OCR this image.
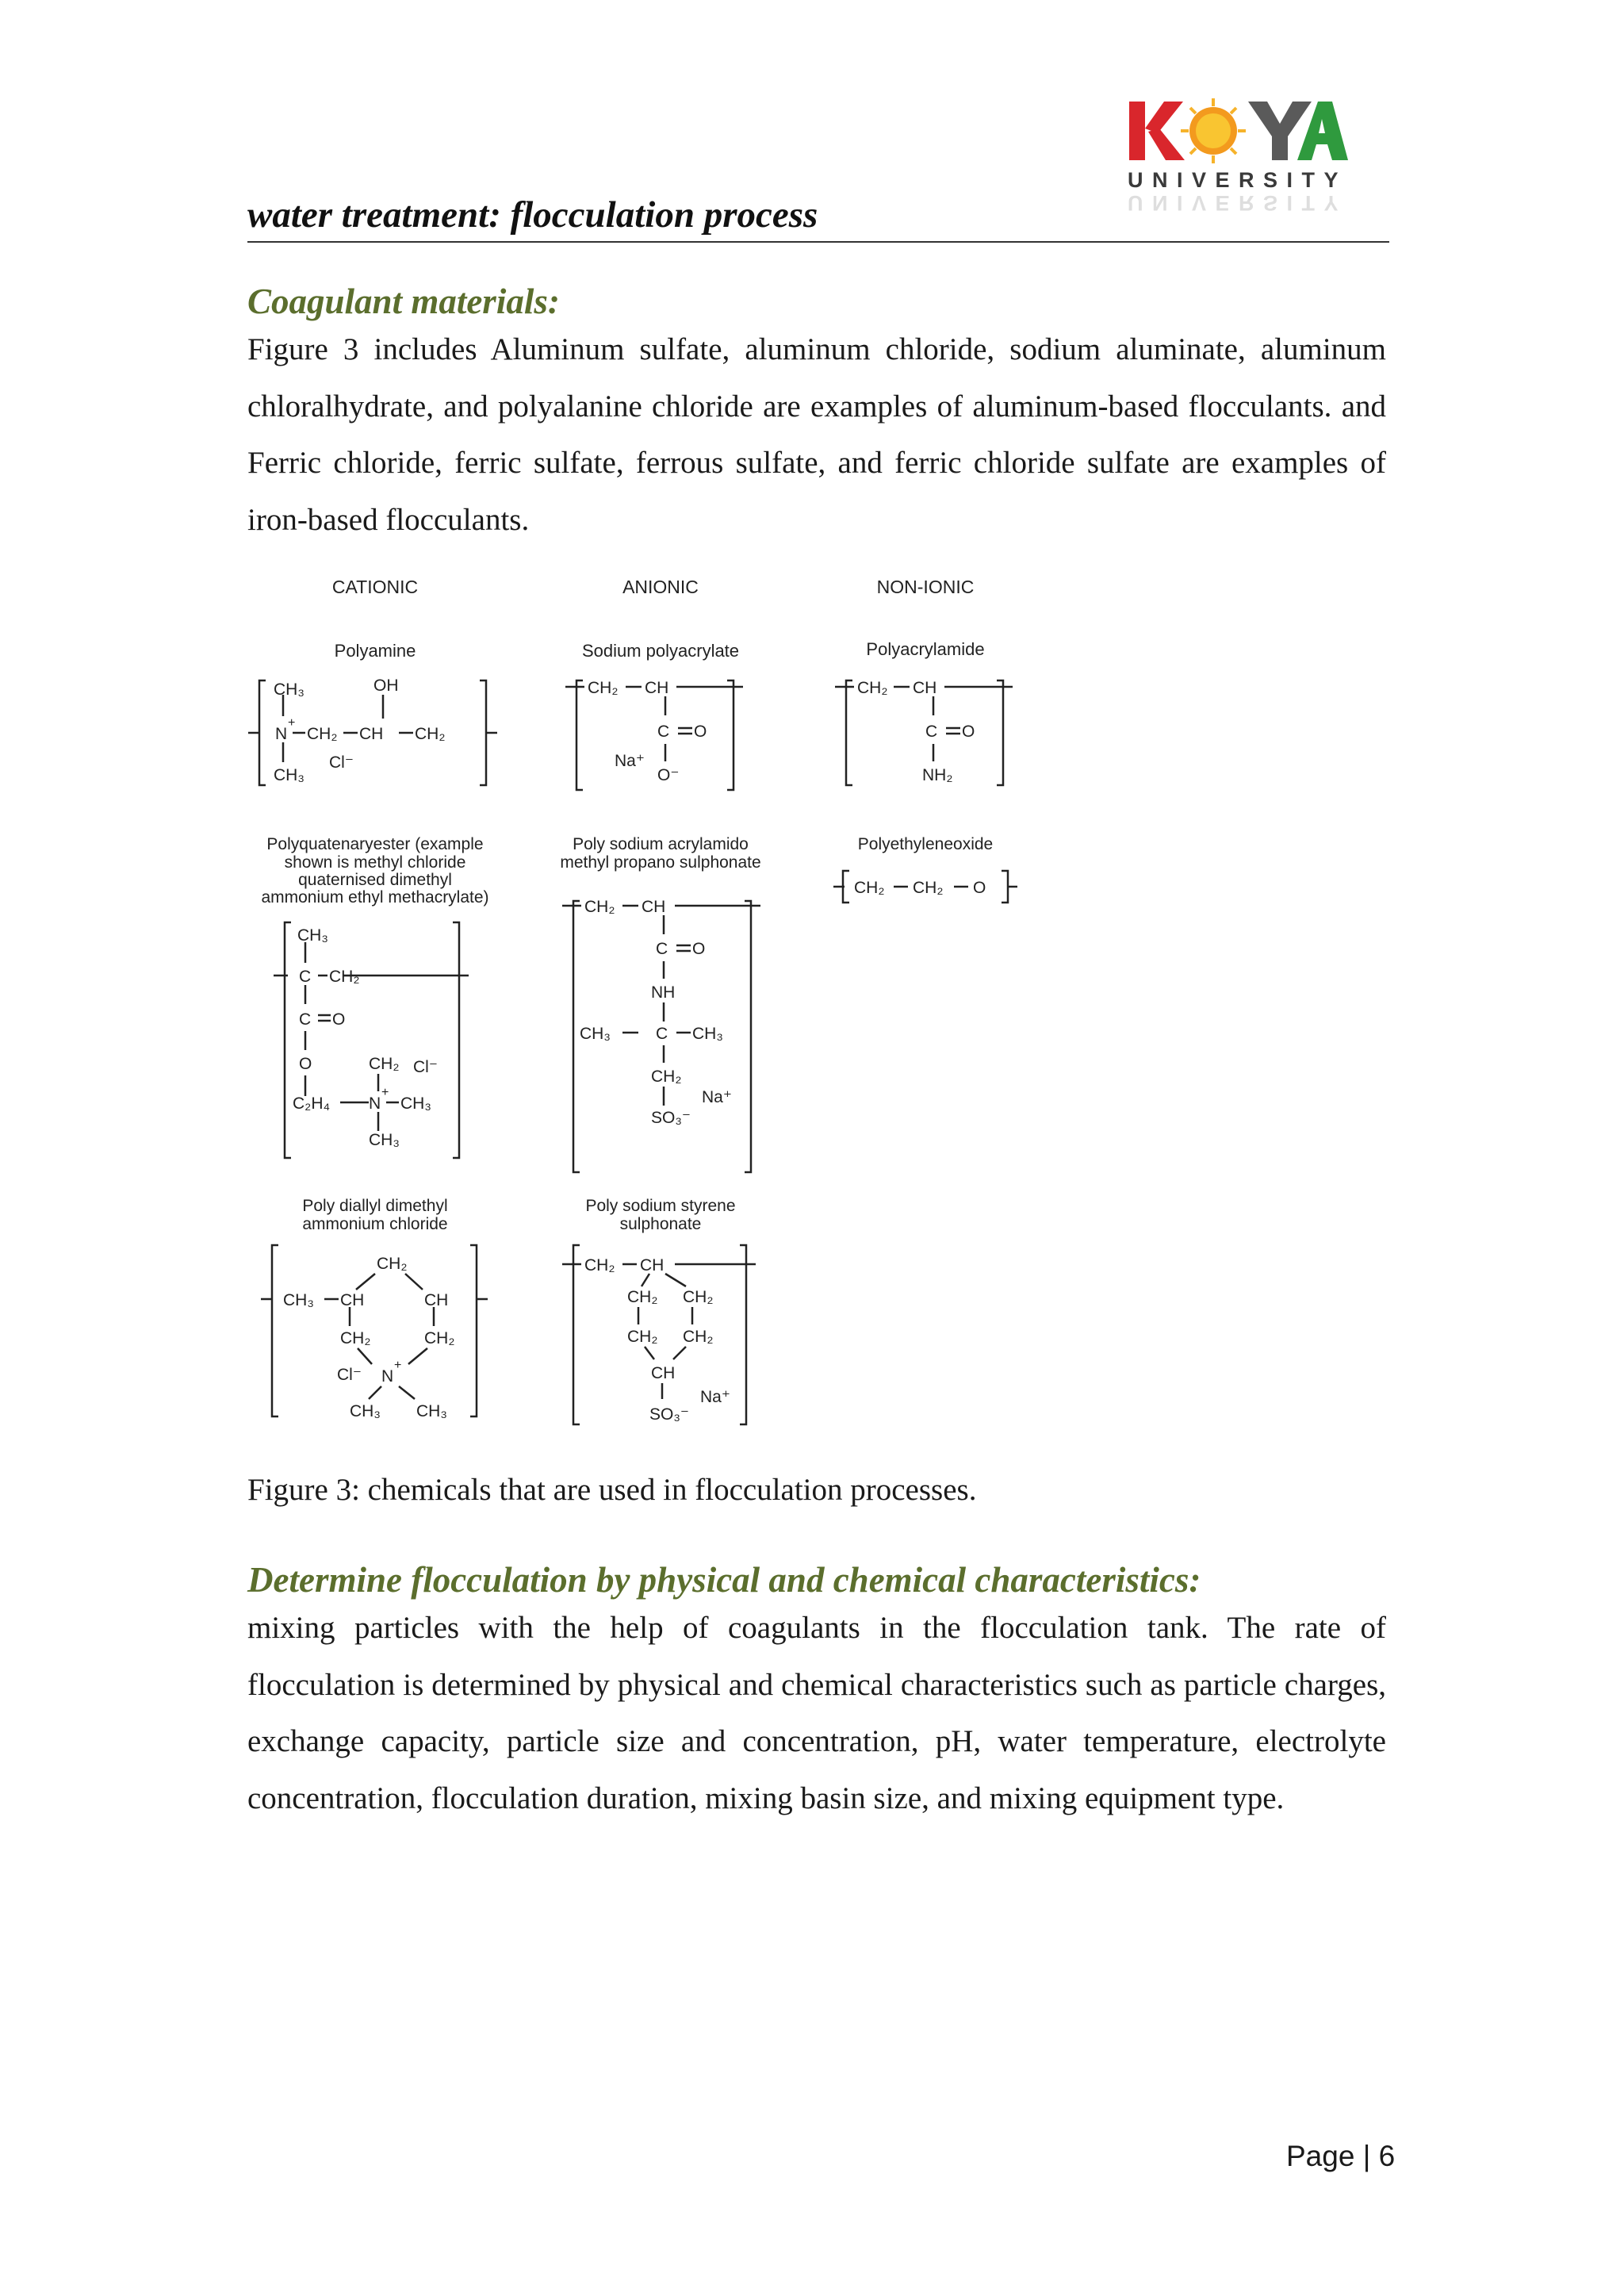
KOYA
UNIVERSITY
UNIVERSITY
water treatment: flocculation process
Coagulant materials:

Figure 3 includes Aluminum sulfate, aluminum chloride, sodium aluminate, aluminum chloralhydrate, and polyalanine chloride are examples of aluminum-based flocculants. and Ferric chloride, ferric sulfate, ferrous sulfate, and ferric chloride sulfate are examples of iron-based flocculants.

CATIONIC	ANIONIC	NON-IONIC
Polyamine	Sodium polyacrylate	Polyacrylamide
CH₃
N
+
CH₃
CH₂ CH CH₂
OH
Cl⁻
CH₂ CH
C O
Na⁺
O⁻
CH₂ CH
C O
NH₂
Polyquatenaryester (example
shown is methyl chloride
quaternised dimethyl
ammonium ethyl methacrylate)
Poly sodium acrylamido
methyl propano sulphonate
Polyethyleneoxide
CH₃
C CH₂
C O
O
C₂H₄ N
+
CH₃
CH₂ Cl⁻
CH₃
CH₂ CH
C O
NH
CH₃	C CH₃
CH₂
SO₃⁻
Na⁺
CH₂ CH₂ O
Poly diallyl dimethyl
ammonium chloride
Poly sodium styrene
sulphonate
CH₂
CH₃ CH	CH
CH₂	CH₂
Cl⁻ N
+
CH₃ CH₃
CH₂ CH
CH₂ CH₂
CH₂ CH₂
CH
SO₃⁻
Na⁺
Figure 3: chemicals that are used in flocculation processes.
Determine flocculation by physical and chemical characteristics:

mixing particles with the help of coagulants in the flocculation tank. The rate of flocculation is determined by physical and chemical characteristics such as particle charges, exchange capacity, particle size and concentration, pH, water temperature, electrolyte concentration, flocculation duration, mixing basin size, and mixing equipment type.

Page | 6
